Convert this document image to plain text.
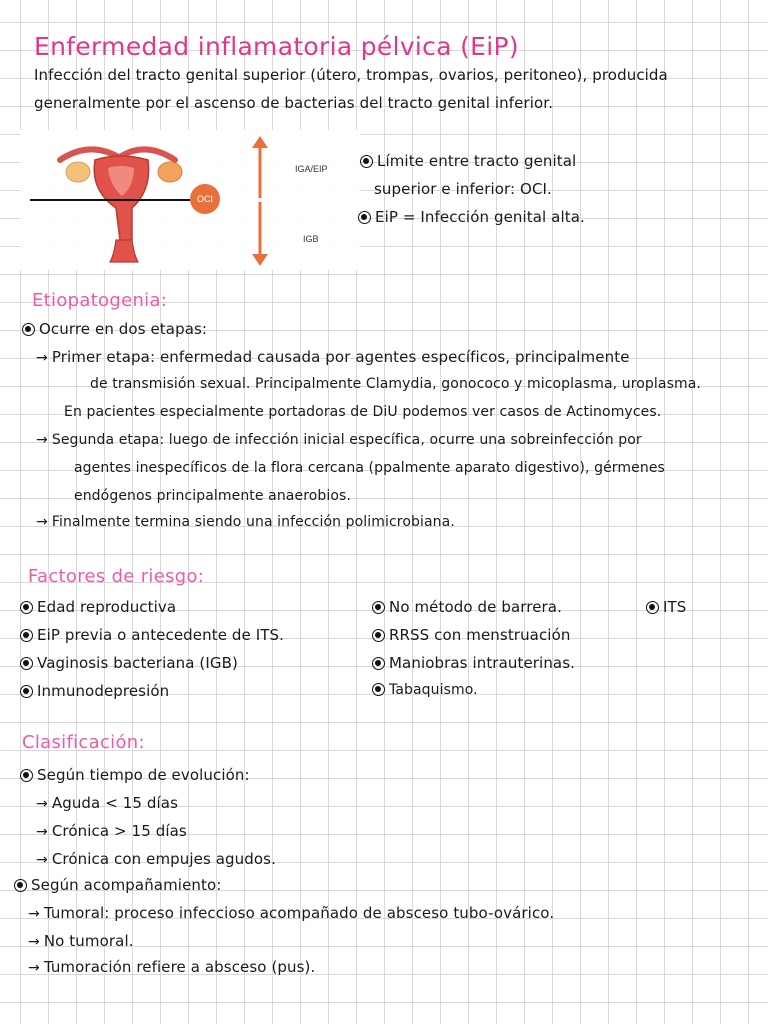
Enfermedad inflamatoria pélvica (EiP)
Infección del tracto genital superior (útero, trompas, ovarios, peritoneo), producida
generalmente por el ascenso de bacterias del tracto genital inferior.
OCI
IGA/EIP
IGB
Límite entre tracto genital
superior e inferior: OCI.
EiP = Infección genital alta.
Etiopatogenia:
Ocurre en dos etapas:
→ Primer etapa: enfermedad causada por agentes específicos, principalmente
de transmisión sexual. Principalmente Clamydia, gonococo y micoplasma, uroplasma.
En pacientes especialmente portadoras de DiU podemos ver casos de Actinomyces.
→ Segunda etapa: luego de infección inicial específica, ocurre una sobreinfección por
agentes inespecíficos de la flora cercana (ppalmente aparato digestivo), gérmenes
endógenos principalmente anaerobios.
→ Finalmente termina siendo una infección polimicrobiana.
Factores de riesgo:
Edad reproductiva
EiP previa o antecedente de ITS.
Vaginosis bacteriana (IGB)
Inmunodepresión
No método de barrera.
RRSS con menstruación
Maniobras intrauterinas.
Tabaquismo.
ITS
Clasificación:
Según tiempo de evolución:
→ Aguda < 15 días
→ Crónica > 15 días
→ Crónica con empujes agudos.
Según acompañamiento:
→ Tumoral: proceso infeccioso acompañado de absceso tubo-ovárico.
→ No tumoral.
→ Tumoración refiere a absceso (pus).
